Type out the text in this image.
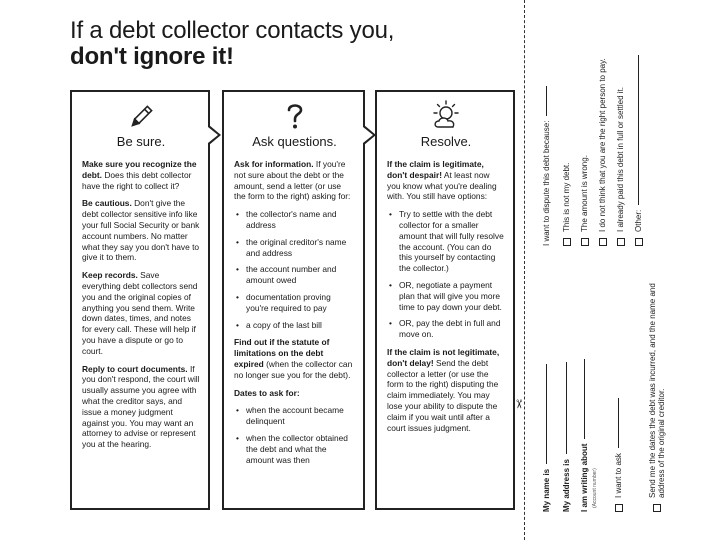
If a debt collector contacts you,
don't ignore it!
Be sure.

Make sure you recognize the debt. Does this debt collector have the right to collect it?

Be cautious. Don't give the debt collector sensitive info like your full Social Security or bank account numbers. No matter what they say you don't have to give it to them.

Keep records. Save everything debt collectors send you and the original copies of anything you send them. Write down dates, times, and notes for every call. These will help if you have a dispute or go to court.

Reply to court documents. If you don't respond, the court will usually assume you agree with what the creditor says, and issue a money judgment against you. You may want an attorney to advise or represent you at the hearing.

Ask questions.

Ask for information. If you're not sure about the debt or the amount, send a letter (or use the form to the right) asking for:

• the collector's name and address
• the original creditor's name and address
• the account number and amount owed
• documentation proving you're required to pay
• a copy of the last bill

Find out if the statute of limitations on the debt expired (when the collector can no longer sue you for the debt).

Dates to ask for:

• when the account became delinquent
• when the collector obtained the debt and what the amount was then
Resolve.

If the claim is legitimate, don't despair! At least now you know what you're dealing with. You still have options:

• Try to settle with the debt collector for a smaller amount that will fully resolve the account. (You can do this yourself by contacting the collector.)
• OR, negotiate a payment plan that will give you more time to pay down your debt.
• OR, pay the debt in full and move on.

If the claim is not legitimate, don't delay! Send the debt collector a letter (or use the form to the right) disputing the claim immediately. You may lose your ability to dispute the claim if you wait until after a court issues judgment.

✂
My name is My address is I am writing about (Account number) I want to ask	Send me the dates the debt was incurred, and the name and address of the original creditor.
I want to dispute this debt because: This is not my debt. The amount is wrong. I do not think that you are the right person to pay. I already paid this debt in full or settled it. Other:
